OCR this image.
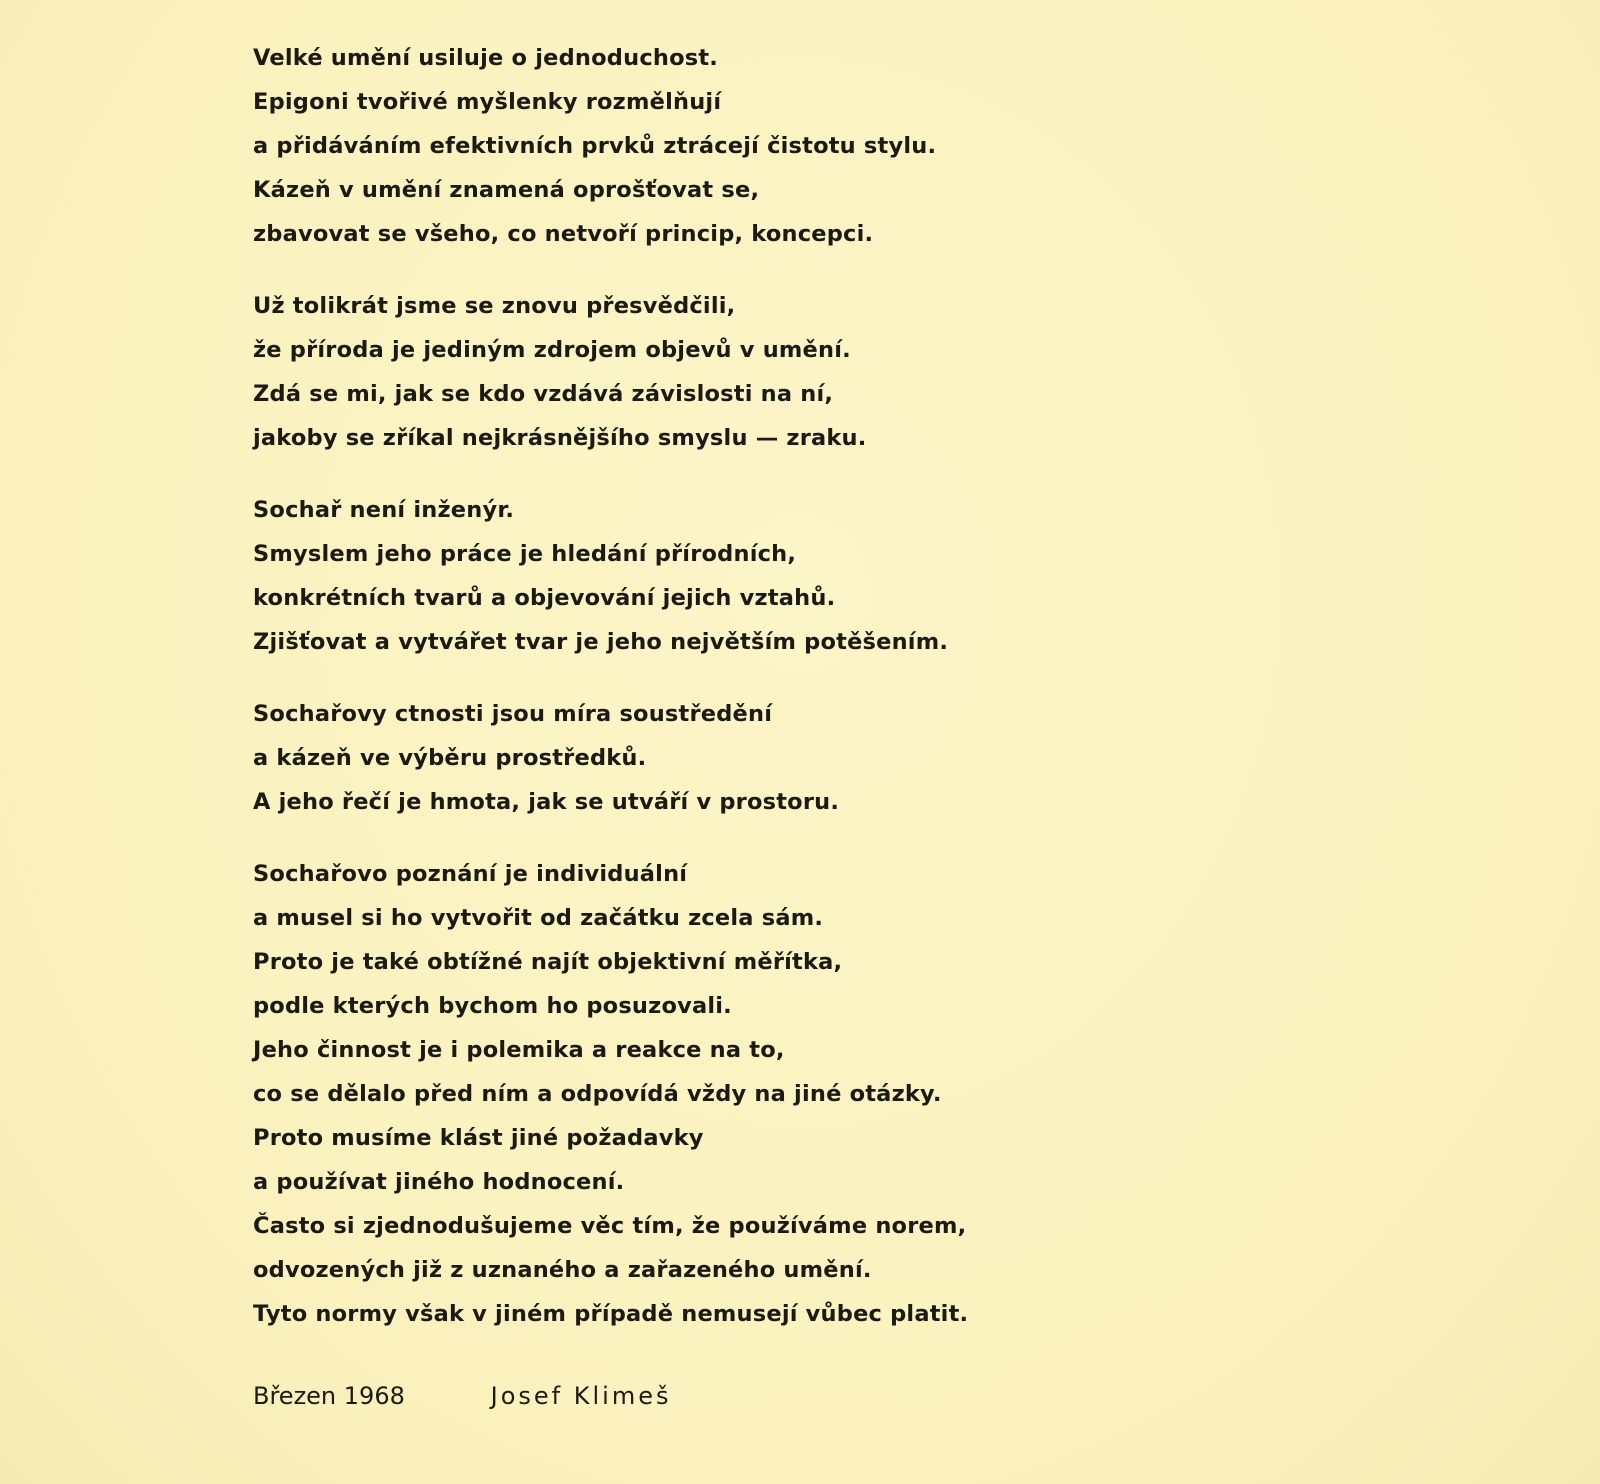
Velké umění usiluje o jednoduchost.
Epigoni tvořivé myšlenky rozmělňují
a přidáváním efektivních prvků ztrácejí čistotu stylu.
Kázeň v umění znamená oprošťovat se,
zbavovat se všeho, co netvoří princip, koncepci.
Už tolikrát jsme se znovu přesvědčili,
že příroda je jediným zdrojem objevů v umění.
Zdá se mi, jak se kdo vzdává závislosti na ní,
jakoby se zříkal nejkrásnějšího smyslu — zraku.
Sochař není inženýr.
Smyslem jeho práce je hledání přírodních,
konkrétních tvarů a objevování jejich vztahů.
Zjišťovat a vytvářet tvar je jeho největším potěšením.
Sochařovy ctnosti jsou míra soustředění
a kázeň ve výběru prostředků.
A jeho řečí je hmota, jak se utváří v prostoru.
Sochařovo poznání je individuální
a musel si ho vytvořit od začátku zcela sám.
Proto je také obtížné najít objektivní měřítka,
podle kterých bychom ho posuzovali.
Jeho činnost je i polemika a reakce na to,
co se dělalo před ním a odpovídá vždy na jiné otázky.
Proto musíme klást jiné požadavky
a používat jiného hodnocení.
Často si zjednodušujeme věc tím, že používáme norem,
odvozených již z uznaného a zařazeného umění.
Tyto normy však v jiném případě nemusejí vůbec platit.
Březen 1968	Josef Klimeš
